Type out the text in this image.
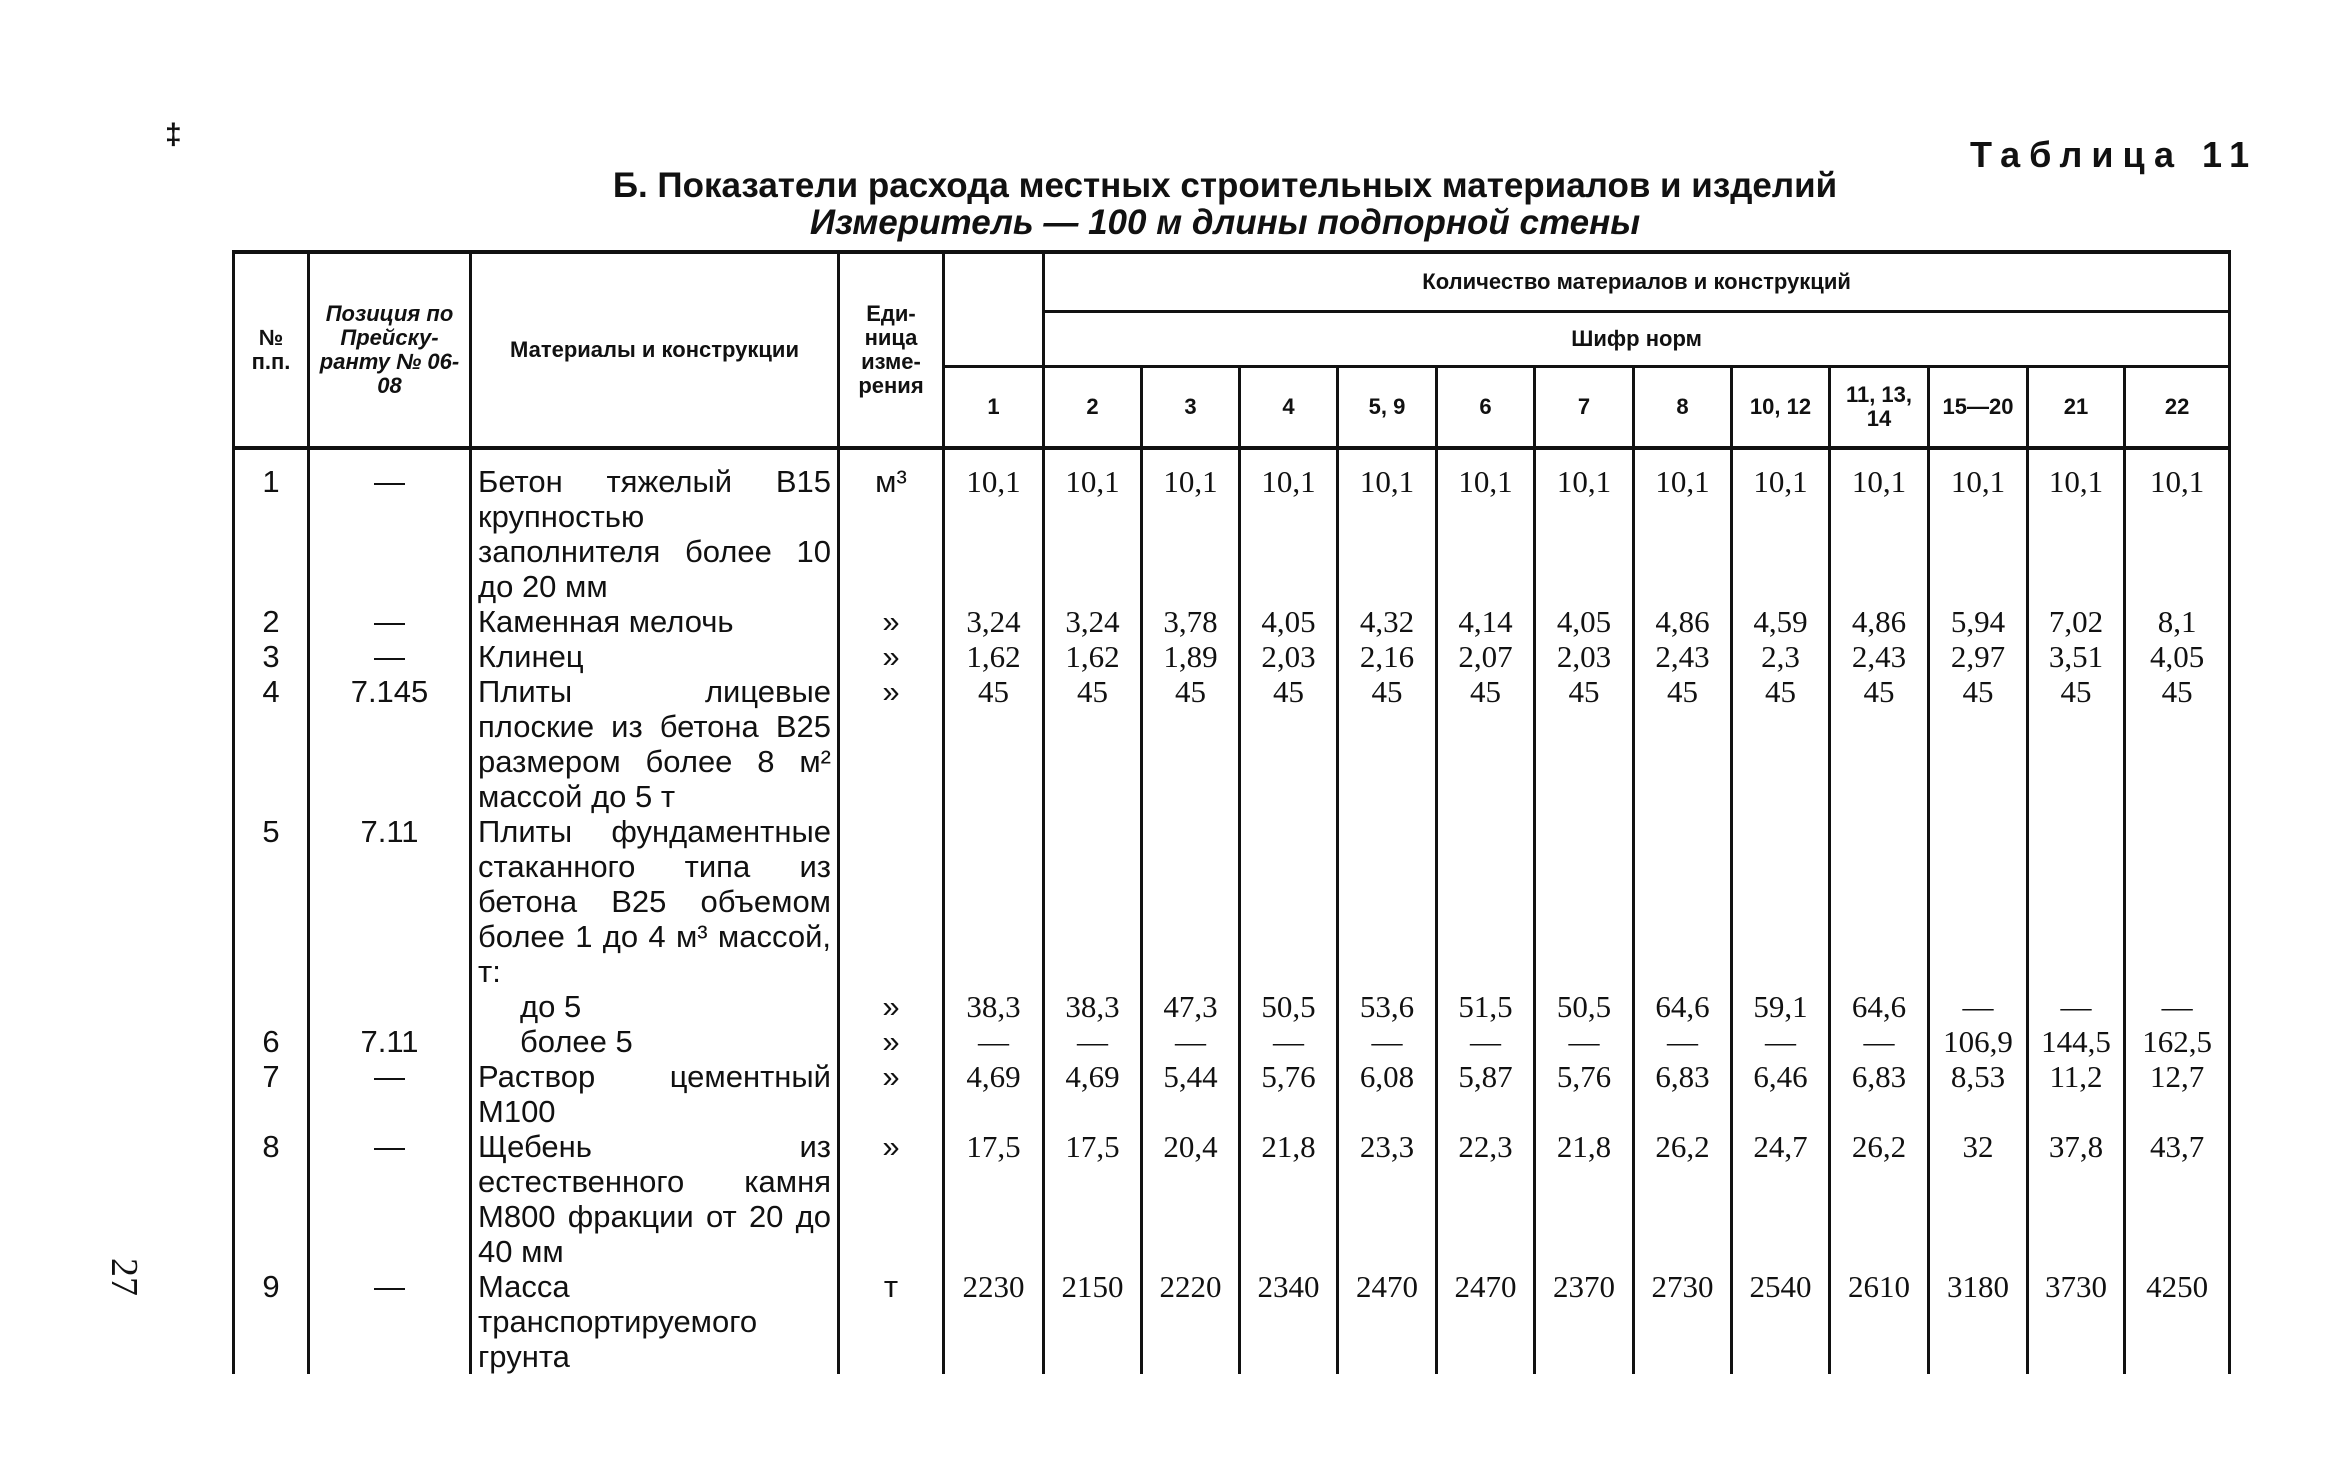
‡	Таблица 11
Б. Показатели расхода местных строительных материалов и изделий
Измеритель — 100 м длины подпорной стены
27
№ п.п.	Позиция по Прейску-ранту № 06-08	Материалы и конструкции	Еди-ница изме-рения		Количество материалов и конструкций											
					Шифр норм											
				1	2	3	4	5, 9	6	7	8	10, 12	11, 13, 14	15—20	21	22
1	—	Бетон тяжелый В15 крупностью заполнителя более 10 до 20 мм	м³	10,1	10,1	10,1	10,1	10,1	10,1	10,1	10,1	10,1	10,1	10,1	10,1	10,1
2	—	Каменная мелочь	»	3,24	3,24	3,78	4,05	4,32	4,14	4,05	4,86	4,59	4,86	5,94	7,02	8,1
3	—	Клинец	»	1,62	1,62	1,89	2,03	2,16	2,07	2,03	2,43	2,3	2,43	2,97	3,51	4,05
4	7.145	Плиты лицевые плоские из бетона В25 размером более 8 м² массой до 5 т	»	45	45	45	45	45	45	45	45	45	45	45	45	45
5	7.11	Плиты фундаментные стаканного типа из бетона В25 объемом более 1 до 4 м³ массой, т:														
		до 5	»	38,3	38,3	47,3	50,5	53,6	51,5	50,5	64,6	59,1	64,6	—	—	—
6	7.11	более 5	»	—	—	—	—	—	—	—	—	—	—	106,9	144,5	162,5
7	—	Раствор цементный М100	»	4,69	4,69	5,44	5,76	6,08	5,87	5,76	6,83	6,46	6,83	8,53	11,2	12,7
8	—	Щебень из естественного камня М800 фракции от 20 до 40 мм	»	17,5	17,5	20,4	21,8	23,3	22,3	21,8	26,2	24,7	26,2	32	37,8	43,7
9	—	Масса транспортируемого грунта	т	2230	2150	2220	2340	2470	2470	2370	2730	2540	2610	3180	3730	4250
